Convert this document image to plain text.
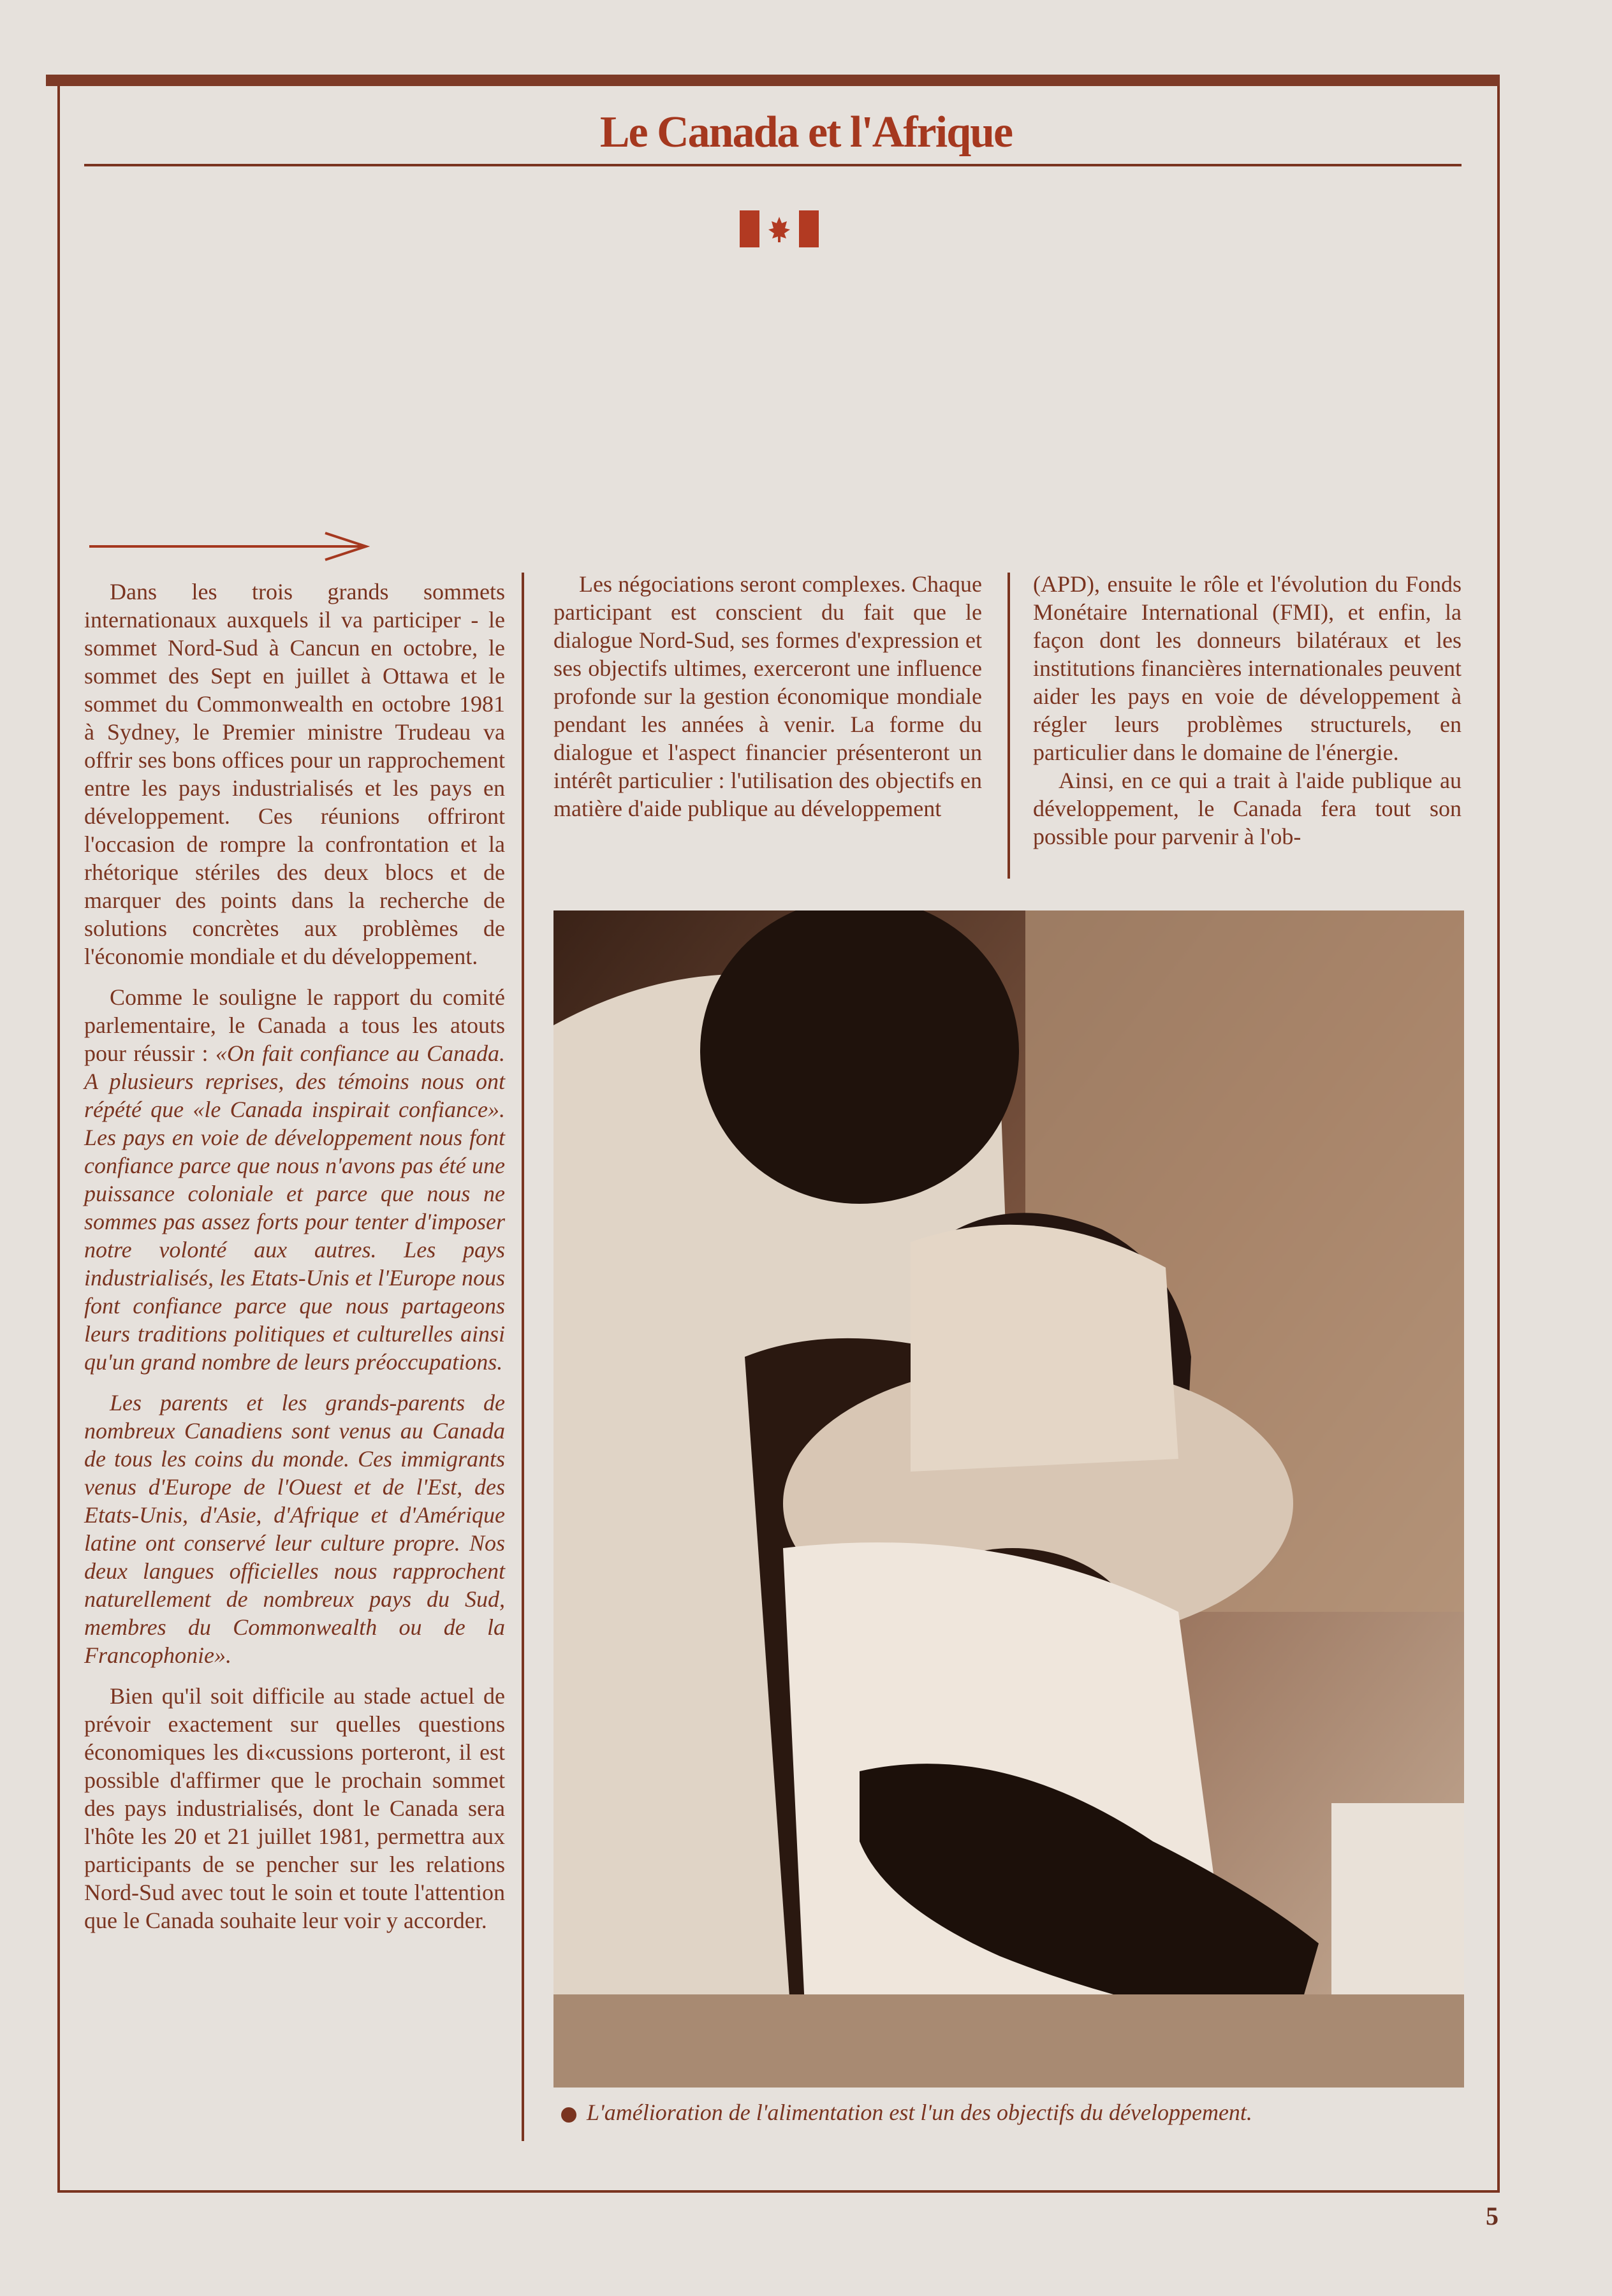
Le Canada et l'Afrique

Dans les trois grands sommets internationaux auxquels il va participer - le sommet Nord-Sud à Cancun en octobre, le sommet des Sept en juillet à Ottawa et le sommet du Commonwealth en octobre 1981 à Sydney, le Premier ministre Trudeau va offrir ses bons offices pour un rapprochement entre les pays industrialisés et les pays en développement. Ces réunions offriront l'occasion de rompre la confrontation et la rhétorique stériles des deux blocs et de marquer des points dans la recherche de solutions concrètes aux problèmes de l'économie mondiale et du développement.

Comme le souligne le rapport du comité parlementaire, le Canada a tous les atouts pour réussir : «On fait confiance au Canada. A plusieurs reprises, des témoins nous ont répété que «le Canada inspirait confiance». Les pays en voie de développement nous font confiance parce que nous n'avons pas été une puissance coloniale et parce que nous ne sommes pas assez forts pour tenter d'imposer notre volonté aux autres. Les pays industrialisés, les Etats-Unis et l'Europe nous font confiance parce que nous partageons leurs traditions politiques et culturelles ainsi qu'un grand nombre de leurs préoccupations.

Les parents et les grands-parents de nombreux Canadiens sont venus au Canada de tous les coins du monde. Ces immigrants venus d'Europe de l'Ouest et de l'Est, des Etats-Unis, d'Asie, d'Afrique et d'Amérique latine ont conservé leur culture propre. Nos deux langues officielles nous rapprochent naturellement de nombreux pays du Sud, membres du Commonwealth ou de la Francophonie».

Bien qu'il soit difficile au stade actuel de prévoir exactement sur quelles questions économiques les di«cussions porteront, il est possible d'affirmer que le prochain sommet des pays industrialisés, dont le Canada sera l'hôte les 20 et 21 juillet 1981, permettra aux participants de se pencher sur les relations Nord-Sud avec tout le soin et toute l'attention que le Canada souhaite leur voir y accorder.

Les négociations seront complexes. Chaque participant est conscient du fait que le dialogue Nord-Sud, ses formes d'expression et ses objectifs ultimes, exerceront une influence profonde sur la gestion économique mondiale pendant les années à venir. La forme du dialogue et l'aspect financier présenteront un intérêt particulier : l'utilisation des objectifs en matière d'aide publique au développement

(APD), ensuite le rôle et l'évolution du Fonds Monétaire International (FMI), et enfin, la façon dont les donneurs bilatéraux et les institutions financières internationales peuvent aider les pays en voie de développement à régler leurs problèmes structurels, en particulier dans le domaine de l'énergie.

Ainsi, en ce qui a trait à l'aide publique au développement, le Canada fera tout son possible pour parvenir à l'ob-

L'amélioration de l'alimentation est l'un des objectifs du développement.
5
